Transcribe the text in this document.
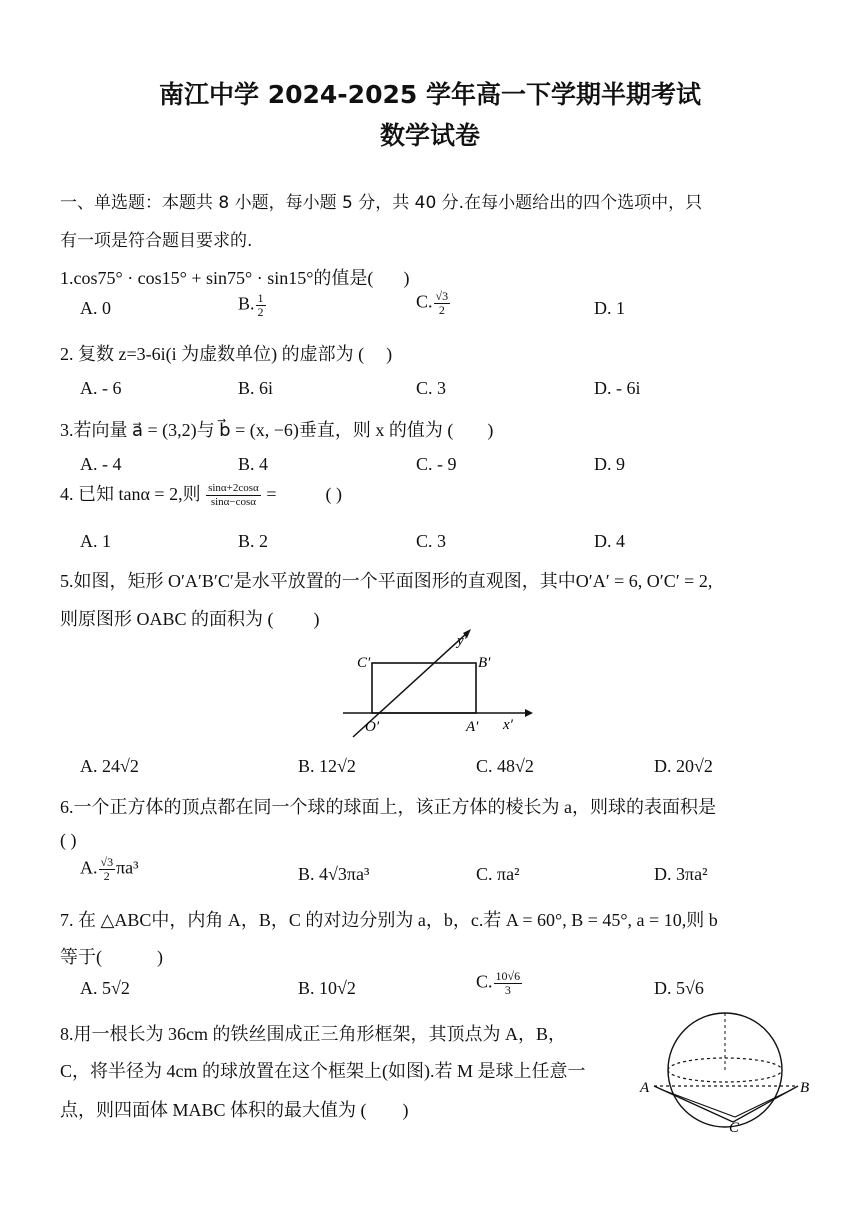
南江中学 2024-2025 学年高一下学期半期考试
数学试卷
一、单选题：本题共 8 小题，每小题 5 分，共 40 分.在每小题给出的四个选项中，只
有一项是符合题目要求的.
1.cos75° · cos15° + sin75° · sin15°的值是( )
A. 0	B. $\frac{1}{2}$	C. $\frac{√3}{2}$	D. 1
2. 复数 z=3-6i(i 为虚数单位) 的虚部为 ( )
A. - 6	B. 6i	C. 3	D. - 6i
3.若向量 a⃗ = (3,2)与 b⃗ = (x, −6)垂直，则 x 的值为 ( )
A. - 4	B. 4	C. - 9	D. 9
4. 已知 tanα = 2,则 $\frac{\sin\alpha+2\cos\alpha}{\sin\alpha-\cos\alpha}$ =	( )
A. 1	B. 2	C. 3	D. 4
5.如图，矩形 O′A′B′C′是水平放置的一个平面图形的直观图，其中O′A′ = 6, O′C′ = 2,
则原图形 OABC 的面积为 ( )
C′	B′
O′	A′ x′
y′
A. 24√2	B. 12√2	C. 48√2	D. 20√2
6.一个正方体的顶点都在同一个球的球面上，该正方体的棱长为 a，则球的表面积是
( )
A. $\frac{√3}{2} \pi a^3$	B. 4√3πa³	C. πa²	D. 3πa²
7. 在 △ABC中，内角 A，B，C 的对边分别为 a，b，c.若 A = 60°, B = 45°, a = 10,则 b
等于(	)
A. 5√2	B. 10√2	C. $\frac{10√6}{3}$	D. 5√6
8.用一根长为 36cm 的铁丝围成正三角形框架，其顶点为 A，B，
C，将半径为 4cm 的球放置在这个框架上(如图).若 M 是球上任意一
点，则四面体 MABC 体积的最大值为 ( )
A	B
C
